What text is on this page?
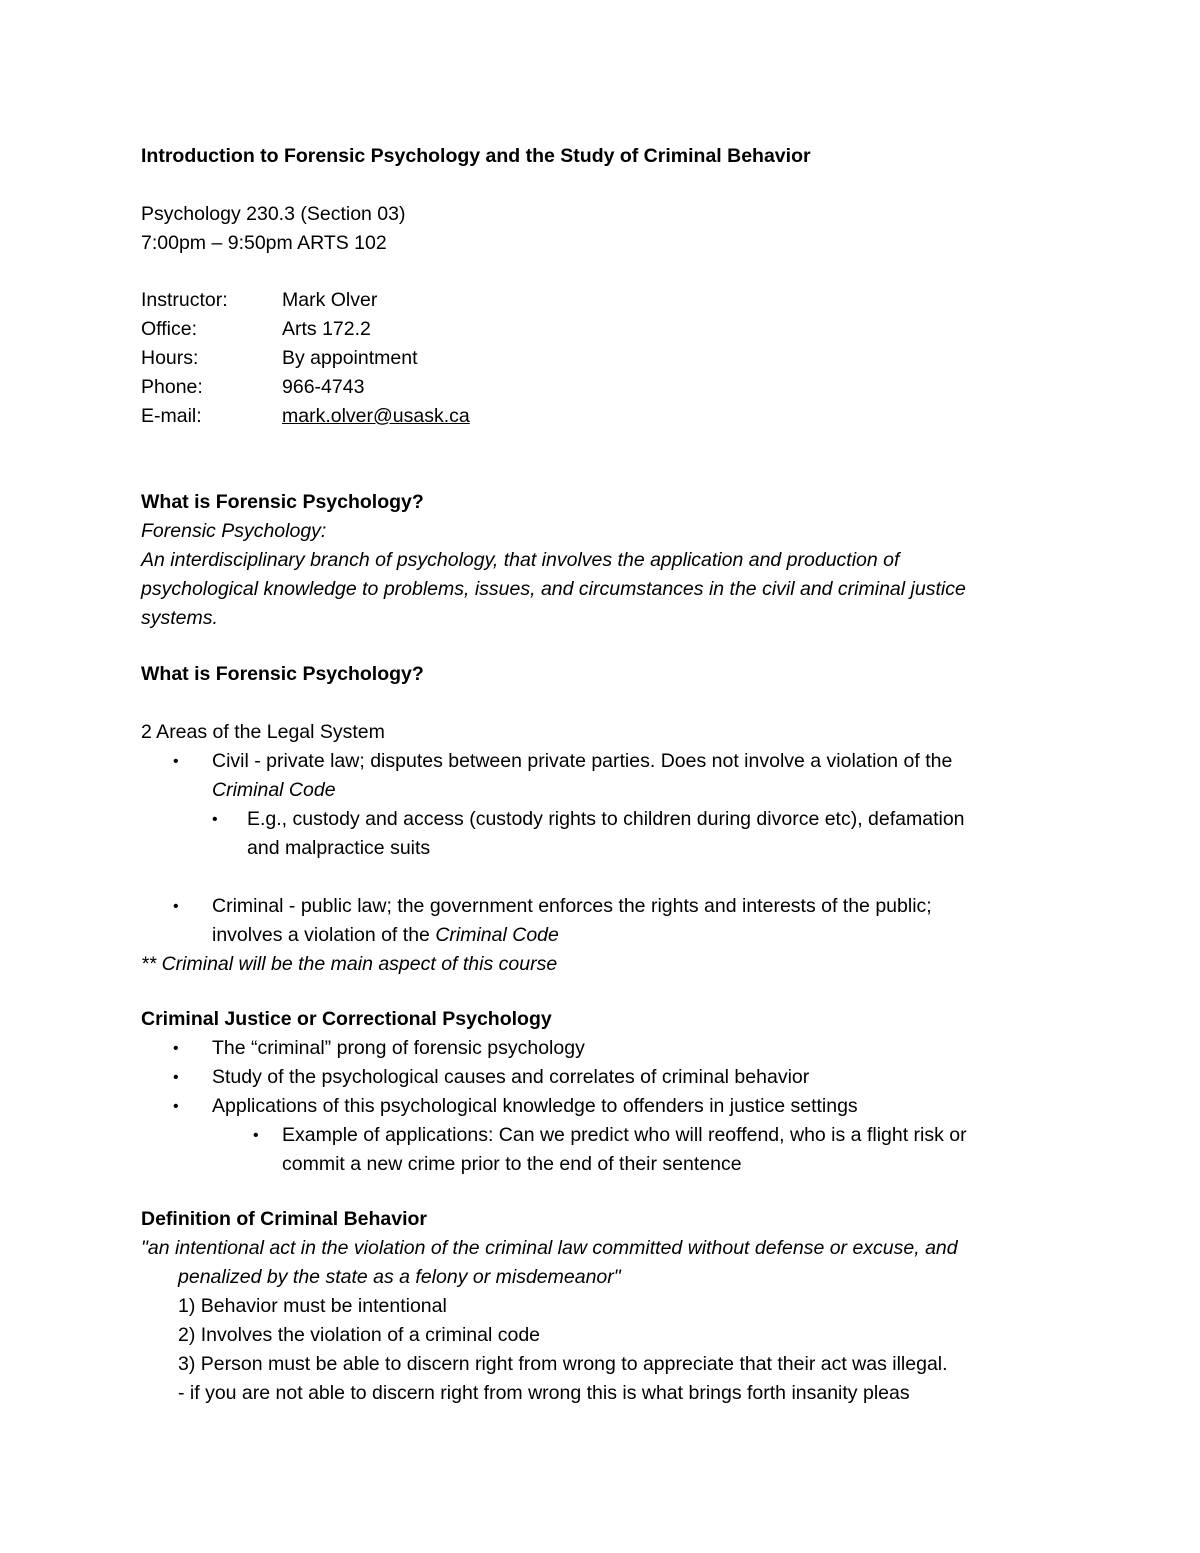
Introduction to Forensic Psychology and the Study of Criminal Behavior

Psychology 230.3 (Section 03)

7:00pm – 9:50pm ARTS 102

Instructor:	Mark Olver
Office:	Arts 172.2
Hours:	By appointment
Phone:	966-4743
E-mail:	mark.olver@usask.ca

What is Forensic Psychology?

Forensic Psychology:

An interdisciplinary branch of psychology, that involves the application and production of

psychological knowledge to problems, issues, and circumstances in the civil and criminal justice

systems.

What is Forensic Psychology?

2 Areas of the Legal System

• Civil - private law; disputes between private parties. Does not involve a violation of the

Criminal Code

• E.g., custody and access (custody rights to children during divorce etc), defamation

and malpractice suits

• Criminal - public law; the government enforces the rights and interests of the public;

involves a violation of the Criminal Code

** Criminal will be the main aspect of this course

Criminal Justice or Correctional Psychology

• The “criminal” prong of forensic psychology

• Study of the psychological causes and correlates of criminal behavior

• Applications of this psychological knowledge to offenders in justice settings

• Example of applications: Can we predict who will reoffend, who is a flight risk or

commit a new crime prior to the end of their sentence

Definition of Criminal Behavior

"an intentional act in the violation of the criminal law committed without defense or excuse, and

penalized by the state as a felony or misdemeanor"

1) Behavior must be intentional

2) Involves the violation of a criminal code

3) Person must be able to discern right from wrong to appreciate that their act was illegal.

- if you are not able to discern right from wrong this is what brings forth insanity pleas
